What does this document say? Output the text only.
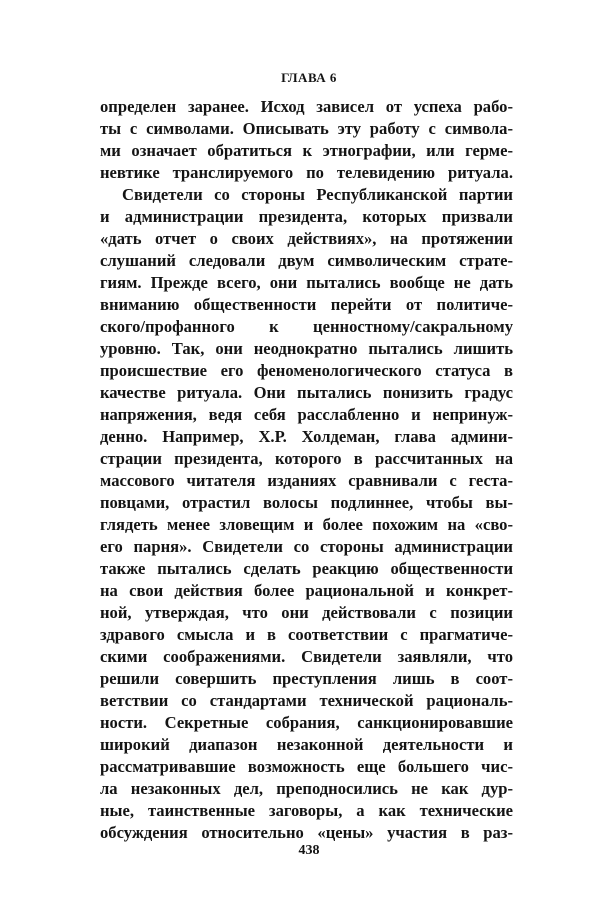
ГЛАВА 6
определен заранее. Исход зависел от успеха рабо-
ты с символами. Описывать эту работу с символа-
ми означает обратиться к этнографии, или герме-
невтике транслируемого по телевидению ритуала.
Свидетели со стороны Республиканской партии
и администрации президента, которых призвали
«дать отчет о своих действиях», на протяжении
слушаний следовали двум символическим страте-
гиям. Прежде всего, они пытались вообще не дать
вниманию общественности перейти от политиче-
ского/профанного к ценностному/сакральному
уровню. Так, они неоднократно пытались лишить
происшествие его феноменологического статуса в
качестве ритуала. Они пытались понизить градус
напряжения, ведя себя расслабленно и непринуж-
денно. Например, Х.Р. Холдеман, глава админи-
страции президента, которого в рассчитанных на
массового читателя изданиях сравнивали с геста-
повцами, отрастил волосы подлиннее, чтобы вы-
глядеть менее зловещим и более похожим на «сво-
его парня». Свидетели со стороны администрации
также пытались сделать реакцию общественности
на свои действия более рациональной и конкрет-
ной, утверждая, что они действовали с позиции
здравого смысла и в соответствии с прагматиче-
скими соображениями. Свидетели заявляли, что
решили совершить преступления лишь в соот-
ветствии со стандартами технической рациональ-
ности. Секретные собрания, санкционировавшие
широкий диапазон незаконной деятельности и
рассматривавшие возможность еще большего чис-
ла незаконных дел, преподносились не как дур-
ные, таинственные заговоры, а как технические
обсуждения относительно «цены» участия в раз-
438
